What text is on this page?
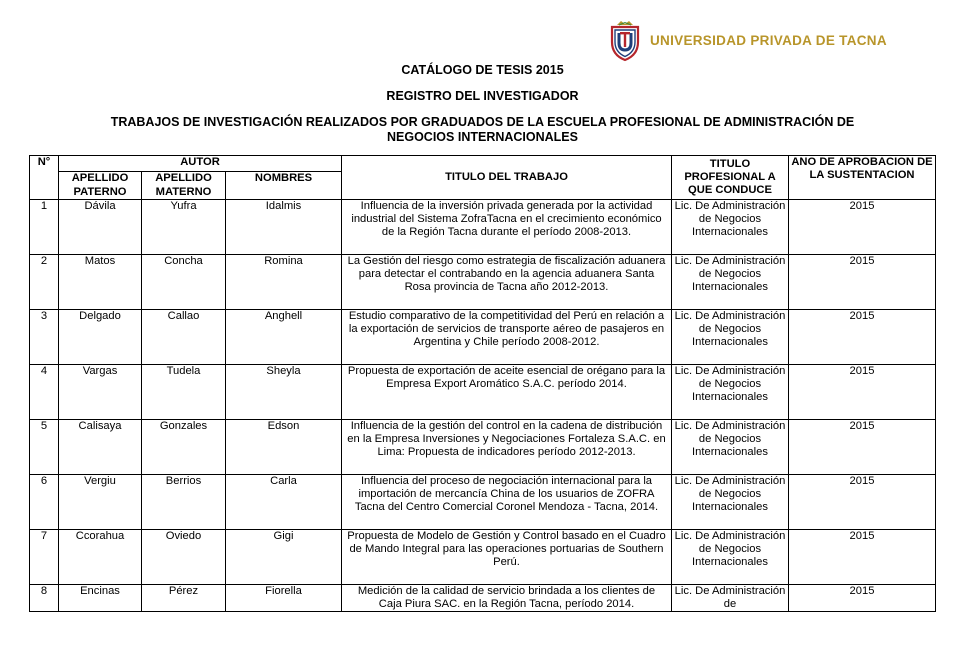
UNIVERSIDAD PRIVADA DE TACNA
CATÁLOGO DE TESIS 2015
REGISTRO DEL INVESTIGADOR
TRABAJOS DE INVESTIGACIÓN REALIZADOS POR GRADUADOS DE LA ESCUELA PROFESIONAL DE ADMINISTRACIÓN DE
NEGOCIOS INTERNACIONALES
N°	AUTOR			TITULO DEL TRABAJO	TITULO PROFESIONAL A QUE CONDUCE	ANO DE APROBACION DE LA SUSTENTACION
	APELLIDO PATERNO	APELLIDO MATERNO	NOMBRES			
1	Dávila	Yufra	Idalmis	Influencia de la inversión privada generada por la actividad industrial del Sistema ZofraTacna en el crecimiento económico de la Región Tacna durante el período 2008-2013.	Lic. De Administración de Negocios Internacionales	2015
2	Matos	Concha	Romina	La Gestión del riesgo como estrategia de fiscalización aduanera para detectar el contrabando en la agencia aduanera Santa Rosa provincia de Tacna año 2012-2013.	Lic. De Administración de Negocios Internacionales	2015
3	Delgado	Callao	Anghell	Estudio comparativo de la competitividad del Perú en relación a la exportación de servicios de transporte aéreo de pasajeros en Argentina y Chile período 2008-2012.	Lic. De Administración de Negocios Internacionales	2015
4	Vargas	Tudela	Sheyla	Propuesta de exportación de aceite esencial de orégano para la Empresa Export Aromático S.A.C. período 2014.	Lic. De Administración de Negocios Internacionales	2015
5	Calisaya	Gonzales	Edson	Influencia de la gestión del control en la cadena de distribución en la Empresa Inversiones y Negociaciones Fortaleza S.A.C. en Lima: Propuesta de indicadores período 2012-2013.	Lic. De Administración de Negocios Internacionales	2015
6	Vergiu	Berrios	Carla	Influencia del proceso de negociación internacional para la importación de mercancía China de los usuarios de ZOFRA Tacna del Centro Comercial Coronel Mendoza - Tacna, 2014.	Lic. De Administración de Negocios Internacionales	2015
7	Ccorahua	Oviedo	Gigi	Propuesta de Modelo de Gestión y Control basado en el Cuadro de Mando Integral para las operaciones portuarias de Southern Perú.	Lic. De Administración de Negocios Internacionales	2015
8	Encinas	Pérez	Fiorella	Medición de la calidad de servicio brindada a los clientes de Caja Piura SAC. en la Región Tacna, período 2014.	Lic. De Administración de	2015
